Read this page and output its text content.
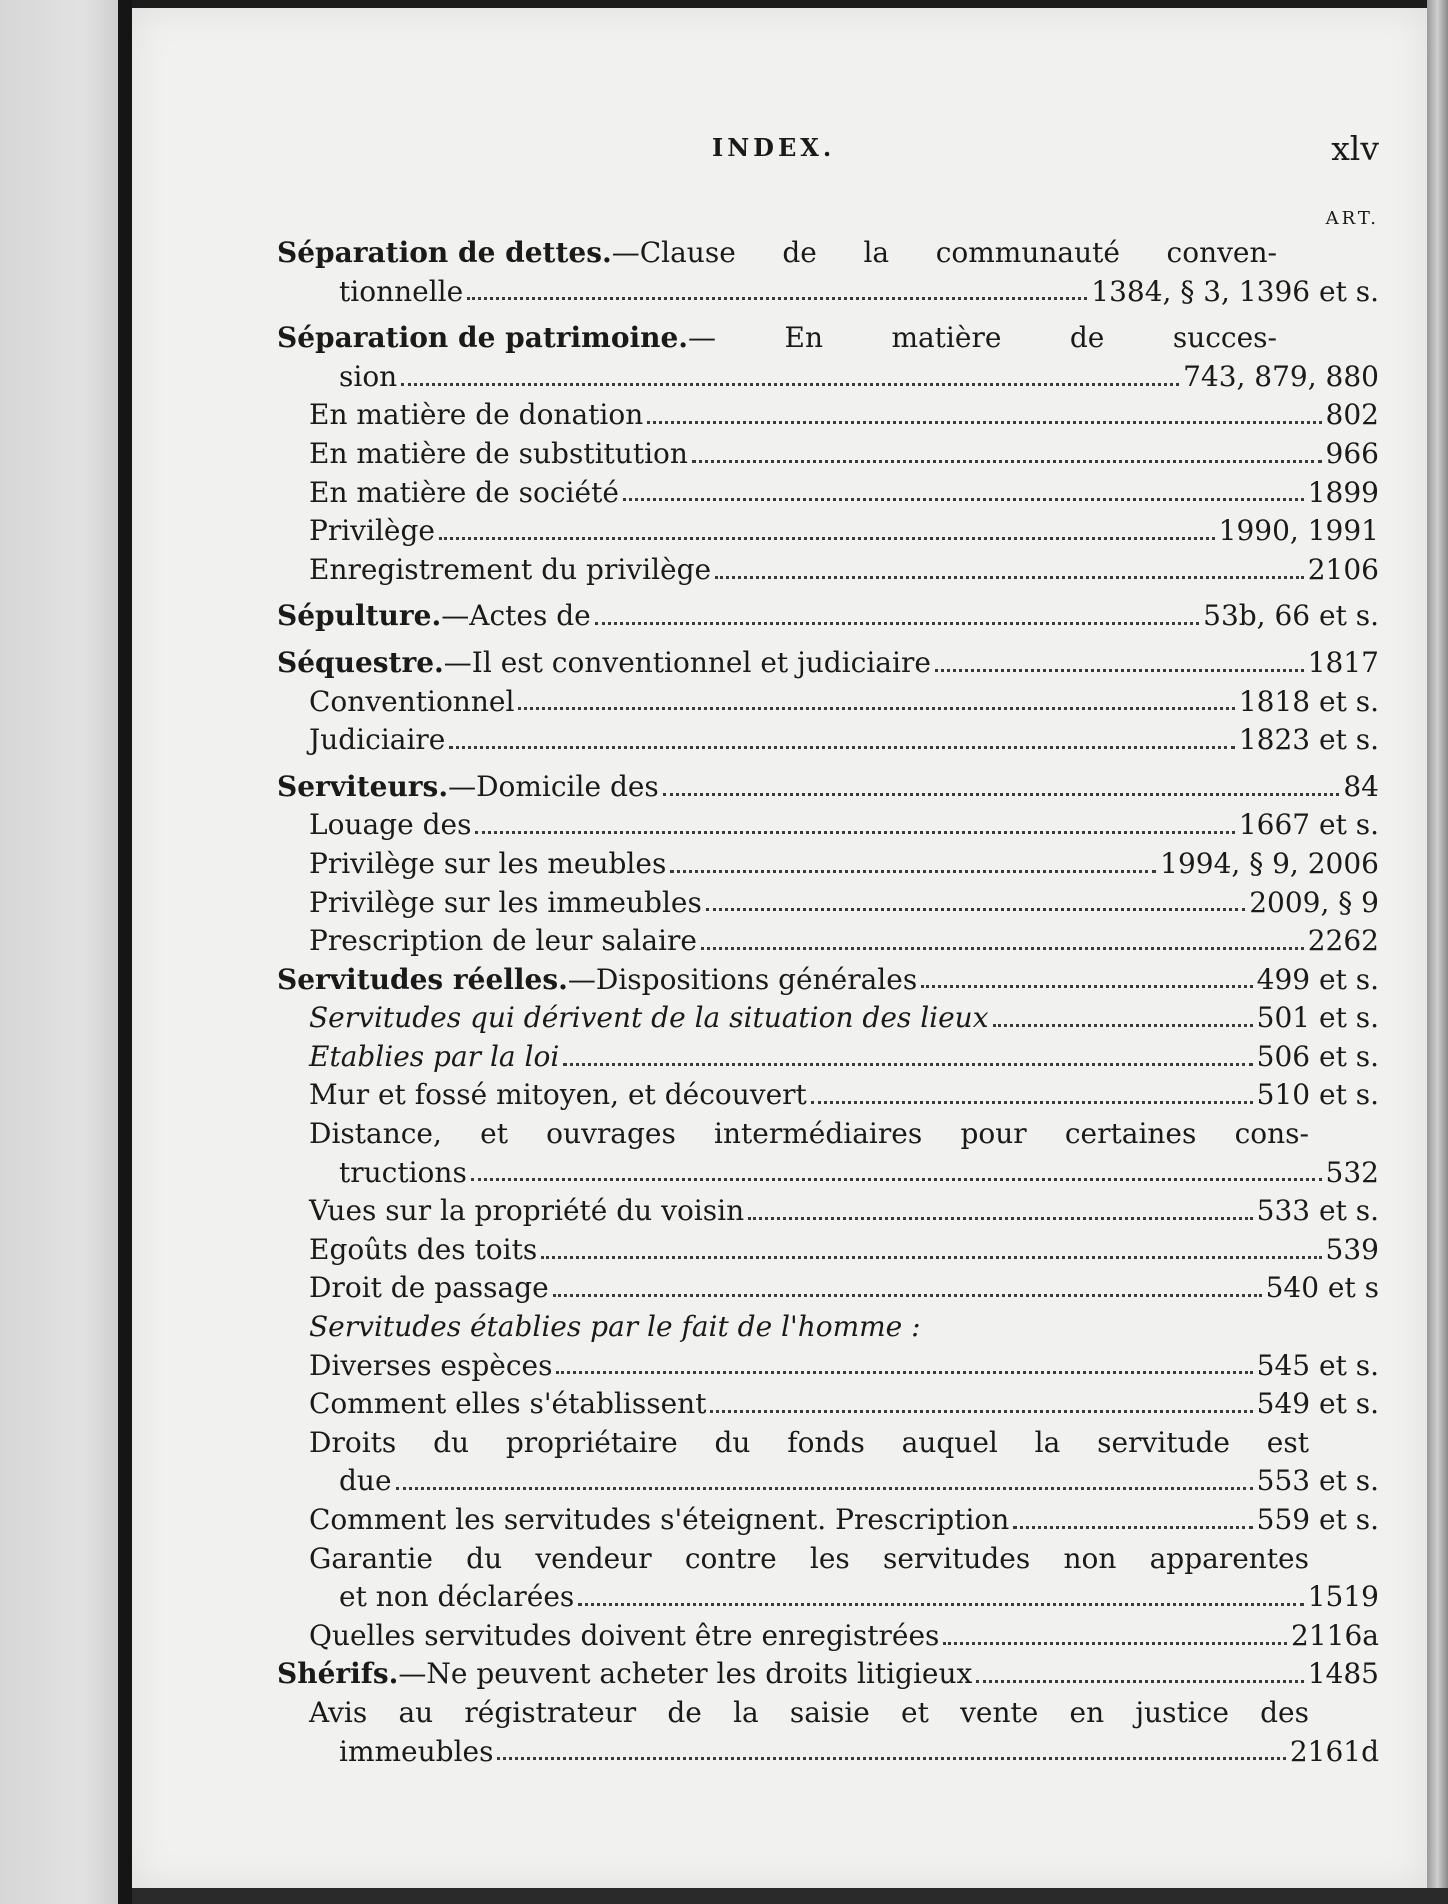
INDEX.	xlv
ART.
Séparation de dettes. —Clause de la communauté conven-
tionnelle	1384, § 3, 1396 et s.
Séparation de patrimoine. — En matière de succes-
sion	743, 879, 880
En matière de donation	802
En matière de substitution	966
En matière de société	1899
Privilège	1990, 1991
Enregistrement du privilège	2106
Sépulture. —Actes de	53b, 66 et s.
Séquestre. —Il est conventionnel et judiciaire	1817
Conventionnel	1818 et s.
Judiciaire	1823 et s.
Serviteurs. —Domicile des	84
Louage des	1667 et s.
Privilège sur les meubles	1994, § 9, 2006
Privilège sur les immeubles	2009, § 9
Prescription de leur salaire	2262
Servitudes réelles. —Dispositions générales	499 et s.
Servitudes qui dérivent de la situation des lieux	501 et s.
Etablies par la loi	506 et s.
Mur et fossé mitoyen, et découvert	510 et s.
Distance, et ouvrages intermédiaires pour certaines cons-
tructions	532
Vues sur la propriété du voisin	533 et s.
Egoûts des toits	539
Droit de passage	540 et s
Servitudes établies par le fait de l'homme :
Diverses espèces	545 et s.
Comment elles s'établissent	549 et s.
Droits du propriétaire du fonds auquel la servitude est
due	553 et s.
Comment les servitudes s'éteignent. Prescription	559 et s.
Garantie du vendeur contre les servitudes non apparentes
et non déclarées	1519
Quelles servitudes doivent être enregistrées	2116a
Shérifs. —Ne peuvent acheter les droits litigieux	1485
Avis au régistrateur de la saisie et vente en justice des
immeubles	2161d
